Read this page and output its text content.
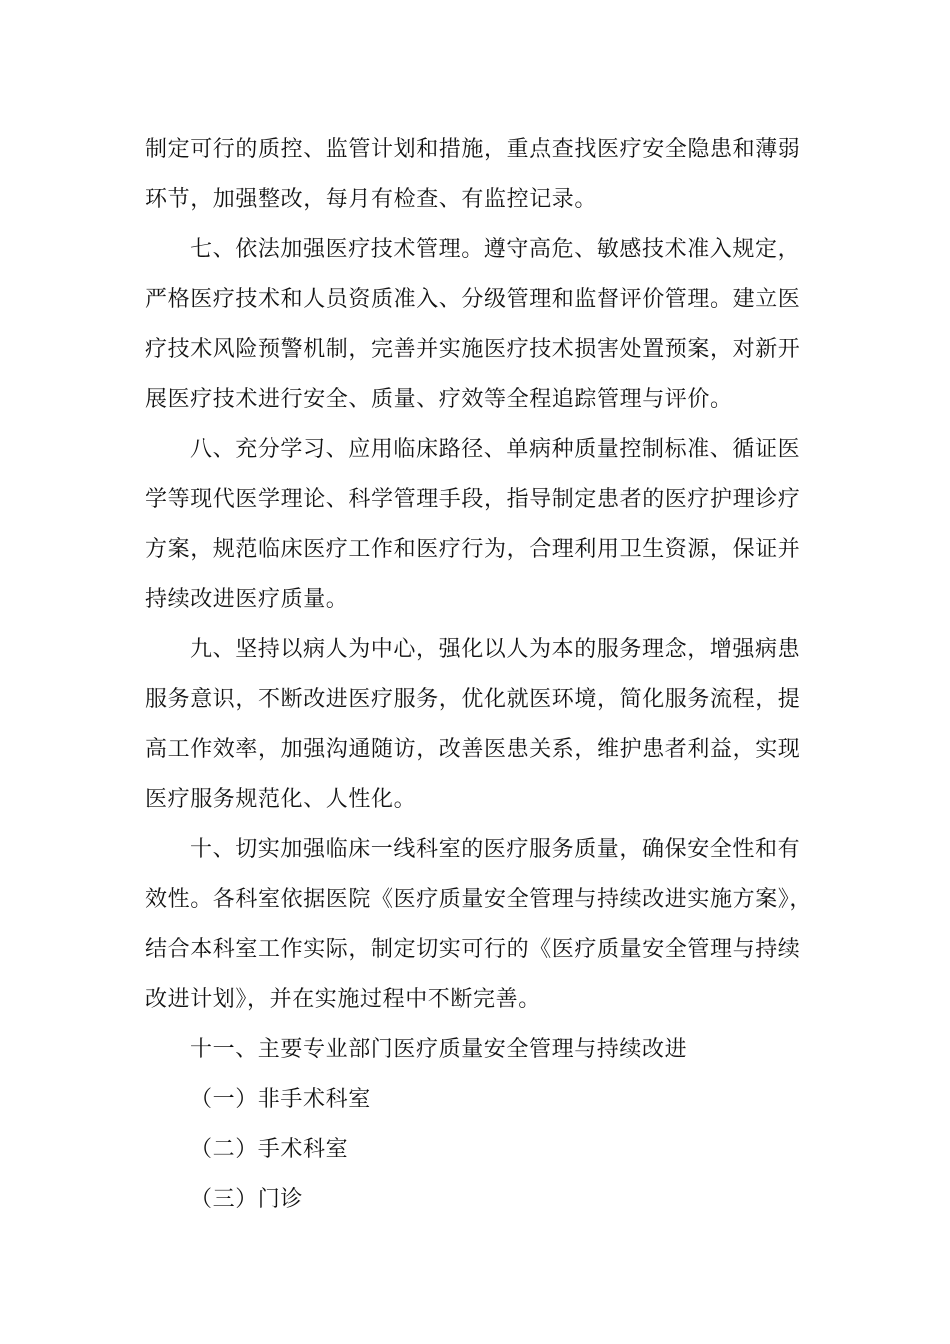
制定可行的质控、监管计划和措施，重点查找医疗安全隐患和薄弱
环节，加强整改，每月有检查、有监控记录。
七、依法加强医疗技术管理。遵守高危、敏感技术准入规定，
严格医疗技术和人员资质准入、分级管理和监督评价管理。建立医
疗技术风险预警机制，完善并实施医疗技术损害处置预案，对新开
展医疗技术进行安全、质量、疗效等全程追踪管理与评价。
八、充分学习、应用临床路径、单病种质量控制标准、循证医
学等现代医学理论、科学管理手段，指导制定患者的医疗护理诊疗
方案，规范临床医疗工作和医疗行为，合理利用卫生资源，保证并
持续改进医疗质量。
九、坚持以病人为中心，强化以人为本的服务理念，增强病患
服务意识，不断改进医疗服务，优化就医环境，简化服务流程，提
高工作效率，加强沟通随访，改善医患关系，维护患者利益，实现
医疗服务规范化、人性化。
十、切实加强临床一线科室的医疗服务质量，确保安全性和有
效性。各科室依据医院《医疗质量安全管理与持续改进实施方案》，
结合本科室工作实际，制定切实可行的《医疗质量安全管理与持续
改进计划》，并在实施过程中不断完善。
十一、主要专业部门医疗质量安全管理与持续改进
（一）非手术科室
（二）手术科室
（三）门诊
